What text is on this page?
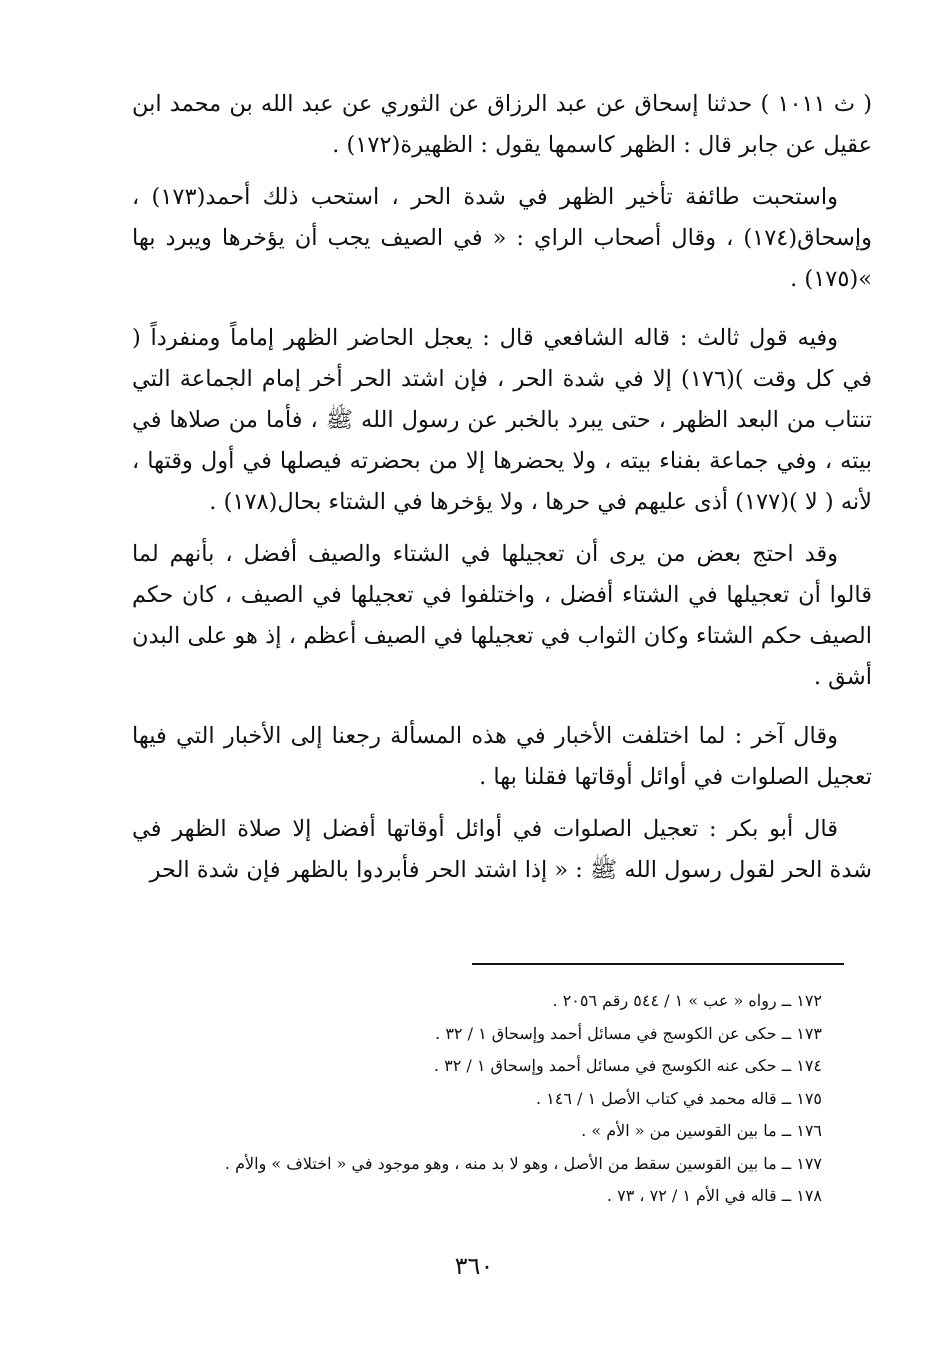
( ث ١٠١١ ) حدثنا إسحاق عن عبد الرزاق عن الثوري عن عبد الله بن محمد ابن عقيل عن جابر قال : الظهر كاسمها يقول : الظهيرة(١٧٢) .

واستحبت طائفة تأخير الظهر في شدة الحر ، استحب ذلك أحمد(١٧٣) ، وإسحاق(١٧٤) ، وقال أصحاب الراي : « في الصيف يجب أن يؤخرها ويبرد بها »(١٧٥) .

وفيه قول ثالث : قاله الشافعي قال : يعجل الحاضر الظهر إماماً ومنفرداً ( في كل وقت )(١٧٦) إلا في شدة الحر ، فإن اشتد الحر أخر إمام الجماعة التي تنتاب من البعد الظهر ، حتى يبرد بالخبر عن رسول الله ﷺ ، فأما من صلاها في بيته ، وفي جماعة بفناء بيته ، ولا يحضرها إلا من بحضرته فيصلها في أول وقتها ، لأنه ( لا )(١٧٧) أذى عليهم في حرها ، ولا يؤخرها في الشتاء بحال(١٧٨) .

وقد احتج بعض من يرى أن تعجيلها في الشتاء والصيف أفضل ، بأنهم لما قالوا أن تعجيلها في الشتاء أفضل ، واختلفوا في تعجيلها في الصيف ، كان حكم الصيف حكم الشتاء وكان الثواب في تعجيلها في الصيف أعظم ، إذ هو على البدن أشق .

وقال آخر : لما اختلفت الأخبار في هذه المسألة رجعنا إلى الأخبار التي فيها تعجيل الصلوات في أوائل أوقاتها فقلنا بها .

قال أبو بكر : تعجيل الصلوات في أوائل أوقاتها أفضل إلا صلاة الظهر في شدة الحر لقول رسول الله ﷺ : « إذا اشتد الحر فأبردوا بالظهر فإن شدة الحر

١٧٢ ــ رواه « عب » ١ / ٥٤٤ رقم ٢٠٥٦ .
١٧٣ ــ حكى عن الكوسج في مسائل أحمد وإسحاق ١ / ٣٢ .
١٧٤ ــ حكى عنه الكوسج في مسائل أحمد وإسحاق ١ / ٣٢ .
١٧٥ ــ قاله محمد في كتاب الأصل ١ / ١٤٦ .
١٧٦ ــ ما بين القوسين من « الأم » .
١٧٧ ــ ما بين القوسين سقط من الأصل ، وهو لا بد منه ، وهو موجود في « اختلاف » والأم .
١٧٨ ــ قاله في الأم ١ / ٧٢ ، ٧٣ .
٣٦٠
